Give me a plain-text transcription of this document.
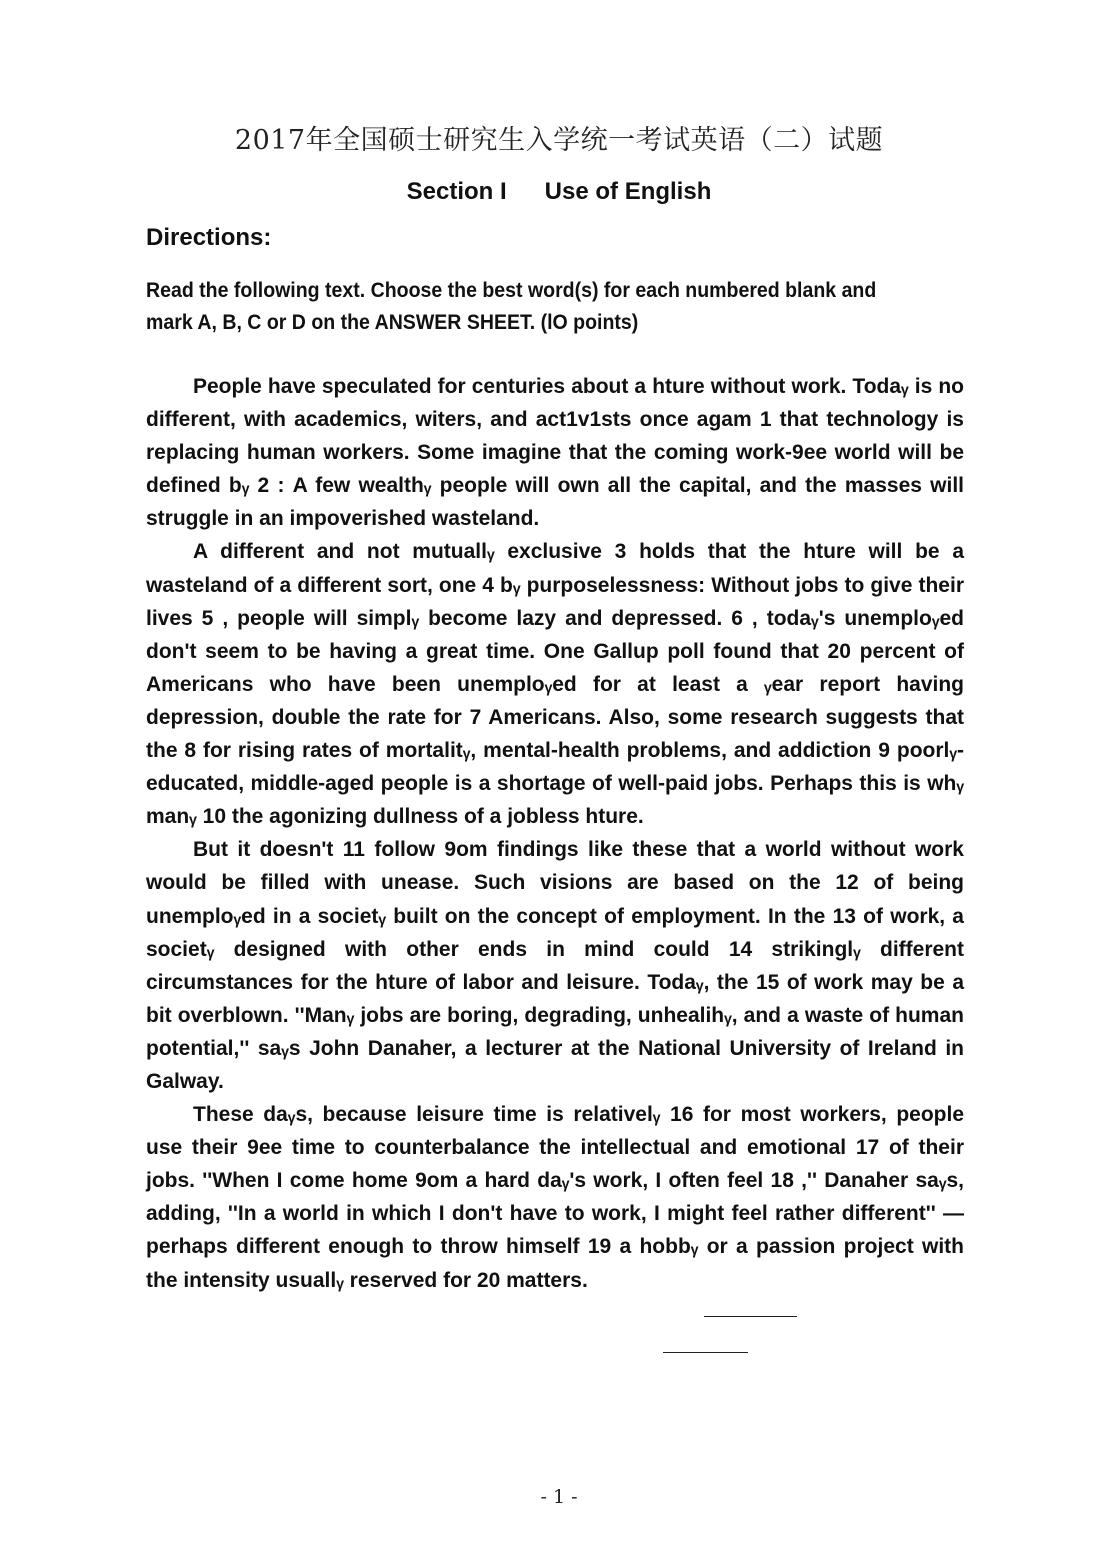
2017年全国硕士研究生入学统一考试英语（二）试题
Section I Use of English
Directions:
Read the following text. Choose the best word(s) for each numbered blank and mark A, B, C or D on the ANSWER SHEET. (lO points)

People have speculated for centuries about a hture without work. Todaᵧ is no different, with academics, witers, and act1v1sts once agam 1 that technology is replacing human workers. Some imagine that the coming work-9ee world will be defined bᵧ 2 : A few wealthᵧ people will own all the capital, and the masses will struggle in an impoverished wasteland.

A different and not mutuallᵧ exclusive 3 holds that the hture will be a wasteland of a different sort, one 4 bᵧ purposelessness: Without jobs to give their lives 5 , people will simplᵧ become lazy and depressed. 6 , todaᵧ's unemploᵧed don't seem to be having a great time. One Gallup poll found that 20 percent of Americans who have been unemploᵧed for at least a ᵧear report having depression, double the rate for 7 Americans. Also, some research suggests that the 8 for rising rates of mortalitᵧ, mental-health problems, and addiction 9 poorlᵧ-educated, middle-aged people is a shortage of well-paid jobs. Perhaps this is whᵧ manᵧ 10 the agonizing dullness of a jobless hture.

But it doesn't 11 follow 9om findings like these that a world without work would be filled with unease. Such visions are based on the 12 of being unemploᵧed in a societᵧ built on the concept of employment. In the 13 of work, a societᵧ designed with other ends in mind could 14 strikinglᵧ different circumstances for the hture of labor and leisure. Todaᵧ, the 15 of work may be a bit overblown. ''Manᵧ jobs are boring, degrading, unhealihᵧ, and a waste of human potential,'' saᵧs John Danaher, a lecturer at the National University of Ireland in Galway.

These daᵧs, because leisure time is relativelᵧ 16 for most workers, people use their 9ee time to counterbalance the intellectual and emotional 17 of their jobs. ''When I come home 9om a hard daᵧ's work, I often feel 18 ,'' Danaher saᵧs, adding, ''In a world in which I don't have to work, I might feel rather different'' — perhaps different enough to throw himself 19 a hobbᵧ or a passion project with the intensity usuallᵧ reserved for 20 matters.

- 1 -
